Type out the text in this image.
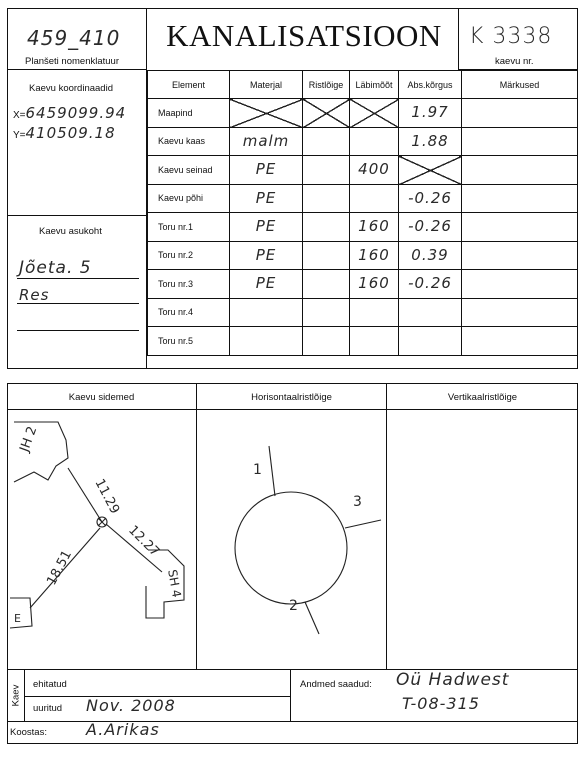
459_410
Planšeti nomenklatuur
KANALISATSIOON	K 3338
kaevu nr.
Kaevu koordinaadid
X=6459099.94
Y=410509.18
Kaevu asukoht
Jõeta. 5
Res
Element	Materjal	Ristlõige	Läbimõõt	Abs.kõrgus	Märkused
Maapind				1.97	

Kaevu kaas	malm			1.88	

Kaevu seinad	PE		400		

Kaevu põhi	PE			-0.26	

Toru nr.1	PE		160	-0.26	

Toru nr.2	PE		160	0.39	

Toru nr.3	PE		160	-0.26	

Toru nr.4					
Toru nr.5					
Kaevu sidemed	Horisontaalristlõige	Vertikaalristlõige
JH 2
11.29
12.27
SH 4
18.51
E
1
3
2
Kaev
ehitatud
uuritud Nov. 2008
Andmed saadud: Oü Hadwest
T-08-315
Koostas: A.Arikas
